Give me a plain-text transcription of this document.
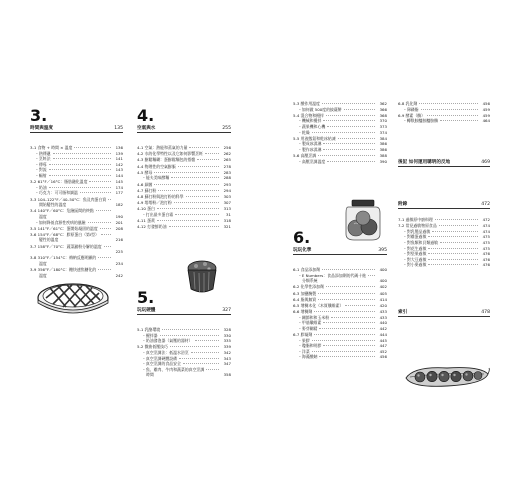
3.
時間與溫度	135
3-1 食物 + 時間 × 溫度	136
・熱傳遞	139
・烹飪法	141
・傳導	142
・對流	143
・輻射	144
3-2 61°F／16°C：脂肪融化溫度	145
・奶油	174
・巧克力：可可脂和調溫	177
3-3 104–122°F／40–50°C：魚及肉蛋白質
開始變性的溫度	182
3-4 140°F／60°C：危險區間的終點
溫度	190
・如何降低食源性疾病的風險	201
3-5 141°F／61°C：蛋開始凝固的溫度	208
3-6 154°F／68°C：膠原蛋白（第I型）
變性的溫度	216
3-7 158°F／70°C：蔬菜澱粉分解的溫度
225
3-8 310°F／154°C：梅納反應明顯的
溫度	234
3-9 356°F／180°C：糖快速焦糖化的
溫度	242
4.
空氣與水	255
4-1 空氣：熱能和蒸氣的力量	256
4-2 水的化學特性以及它如何影響烹飪	262
4-3 膨鬆麵糊：蛋膨鬆麵包的搭檔	265
4-4 物理性的空氣膨脹	278
4-5 酵母	283
・能夫美味酵麵	288
4-6 細菌	293
4-7 蘇打粉	294
4-8 蘇打粉與泡打粉的科學	303
4-9 塔塔粉／泡打粉	307
4-10 蛋白	313
・打出最多蛋白霜	31
4-11 蛋黃	318
4-12 打發鮮奶油	321
5.
玩玩硬體	327
5-1 乳酪環境	328
・攪拌器	330
・奶油發泡器（氣壓的器材）	335
5-2 微曲低壓技巧	339
・真空烹調法：低溫水浴烹	342
・真空烹調硬體設備	343
・真空烹調的食品安全	347
・魚、雞肉、牛肉和蔬菜的真空烹調
時間	358
5-3 酸作用溫度	362
・如何做 500度的披薩餅	366
5-4 混合物和攪拌	368
・機械和攪拌	370
・蔬果機和心機	373
・乾燥	374
5-5 用液態氮和乾冰結凍	384
・製成冰淇淋	386
・製作冰淇淋	386
5-6 高壓烹調	388
・高壓烹調溫度	390
6.
玩玩化學	395
6-1 食品添加劑	400
・E Numbers：食品添加劑的代碼十進
分類系統	400
6-2 化學性添加劑	402
6-3 加鹽醃製	405
6-4 脂與無質	414
6-5 增稠木化（木質纖維素）	420
6-6 增稠劑	433
・關節和和玉米粉	433
・甲基纖維素	440
・麥芽糊精	442
6-7 膠凝劑	444
・果膠	445
・瓊脂和明膠	447
・洋菜	452
・海藻酸鈉	456
6-8 乳化劑	456
・卵磷脂	459
6-9 酵素（酶）	459
・轉麩胺醯胺醯胺酶	464
後記 如何運用聰明的反地	469
附錄	472
7-1 過敏原中廚料理	472
7-2 常見過敏物原食品	474
・對乳製品過敏	474
・對雞蛋過敏	475
・對魚類和貝類過敏	475
・對花生過敏	475
・對堅果過敏	476
・對大豆過敏	476
・對小麥過敏	476
索引	478
